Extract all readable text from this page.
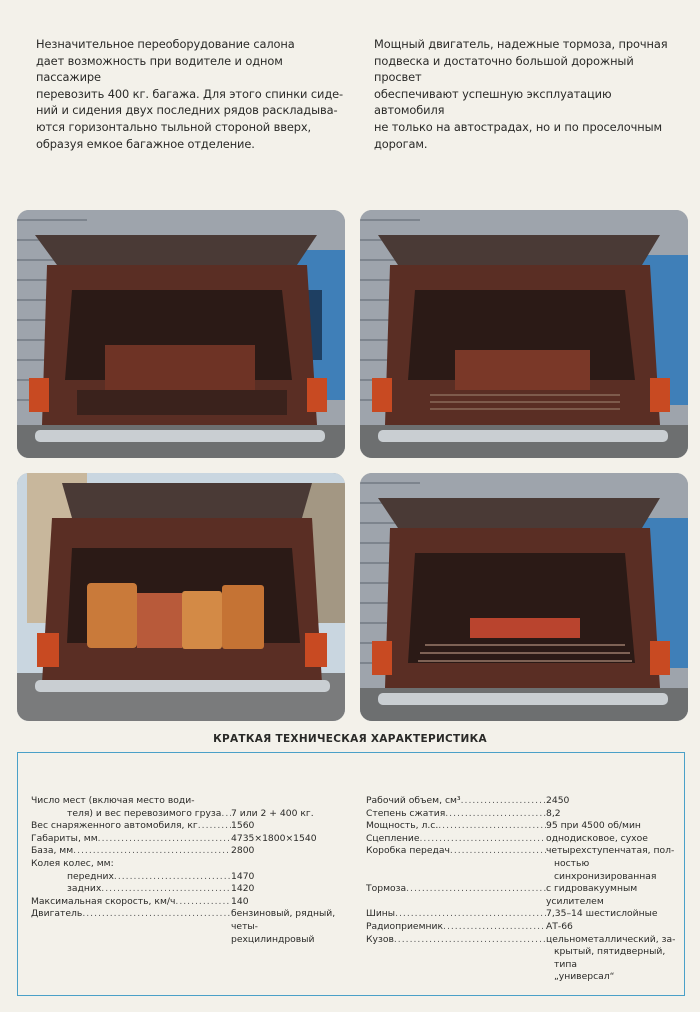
Незначительное переоборудование салона
дает возможность при водителе и одном пассажире
перевозить 400 кг. багажа. Для этого спинки сиде-
ний и сидения двух последних рядов раскладыва-
ются горизонтально тыльной стороной вверх,
образуя емкое багажное отделение.

Мощный двигатель, надежные тормоза, прочная
подвеска и достаточно большой дорожный просвет
обеспечивают успешную эксплуатацию автомобиля
не только на автострадах, но и по проселочным
дорогам.

КРАТКАЯ ТЕХНИЧЕСКАЯ ХАРАКТЕРИСТИКА
Число мест (включая место води-
теля) и вес перевозимого груза ..... 7 или 2 + 400 кг.
Вес снаряженного автомобиля, кг .....	1560
Габариты, мм .....	4735×1800×1540
База, мм .....	2800
Колея колес, мм:
передних .....	1470
задних .....	1420
Максимальная скорость, км/ч .....	140
Двигатель .....	бензиновый, рядный, четы-
рехцилиндровый
Рабочий объем, см³ .....	2450
Степень сжатия .....	8,2
Мощность, л.с. .....	95 при 4500 об/мин
Сцепление .....	однодисковое, сухое
Коробка передач .....	четырехступенчатая, пол-
ностью синхронизированная
Тормоза .....	с гидровакуумным усилителем
Шины .....	7,35–14 шестислойные
Радиоприемник .....	АТ-66
Кузов .....	цельнометаллический, за-
крытый, пятидверный, типа
„универсал“
